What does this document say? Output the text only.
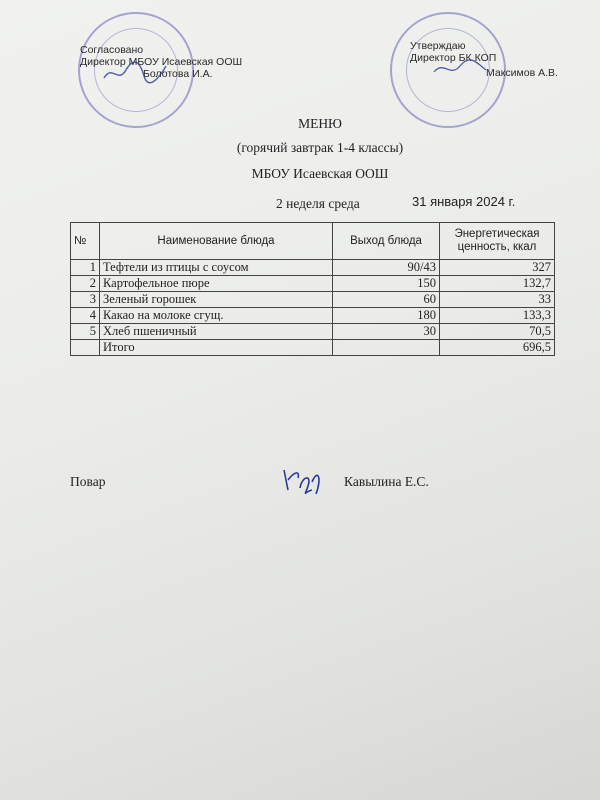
Согласовано
Директор МБОУ Исаевская ООШ
Болотова И.А.
Утверждаю
Директор БК КОП
Максимов А.В.
МЕНЮ
(горячий завтрак 1-4 классы)
МБОУ Исаевская ООШ
2 неделя среда	31 января 2024 г.
№	Наименование блюда	Выход блюда	Энергетическая ценность, ккал
1	Тефтели из птицы с соусом	90/43	327
2	Картофельное пюре	150	132,7
3	Зеленый горошек	60	33
4	Какао на молоке сгущ.	180	133,3
5	Хлеб пшеничный	30	70,5
	Итого		696,5
Повар	Кавылина Е.С.
